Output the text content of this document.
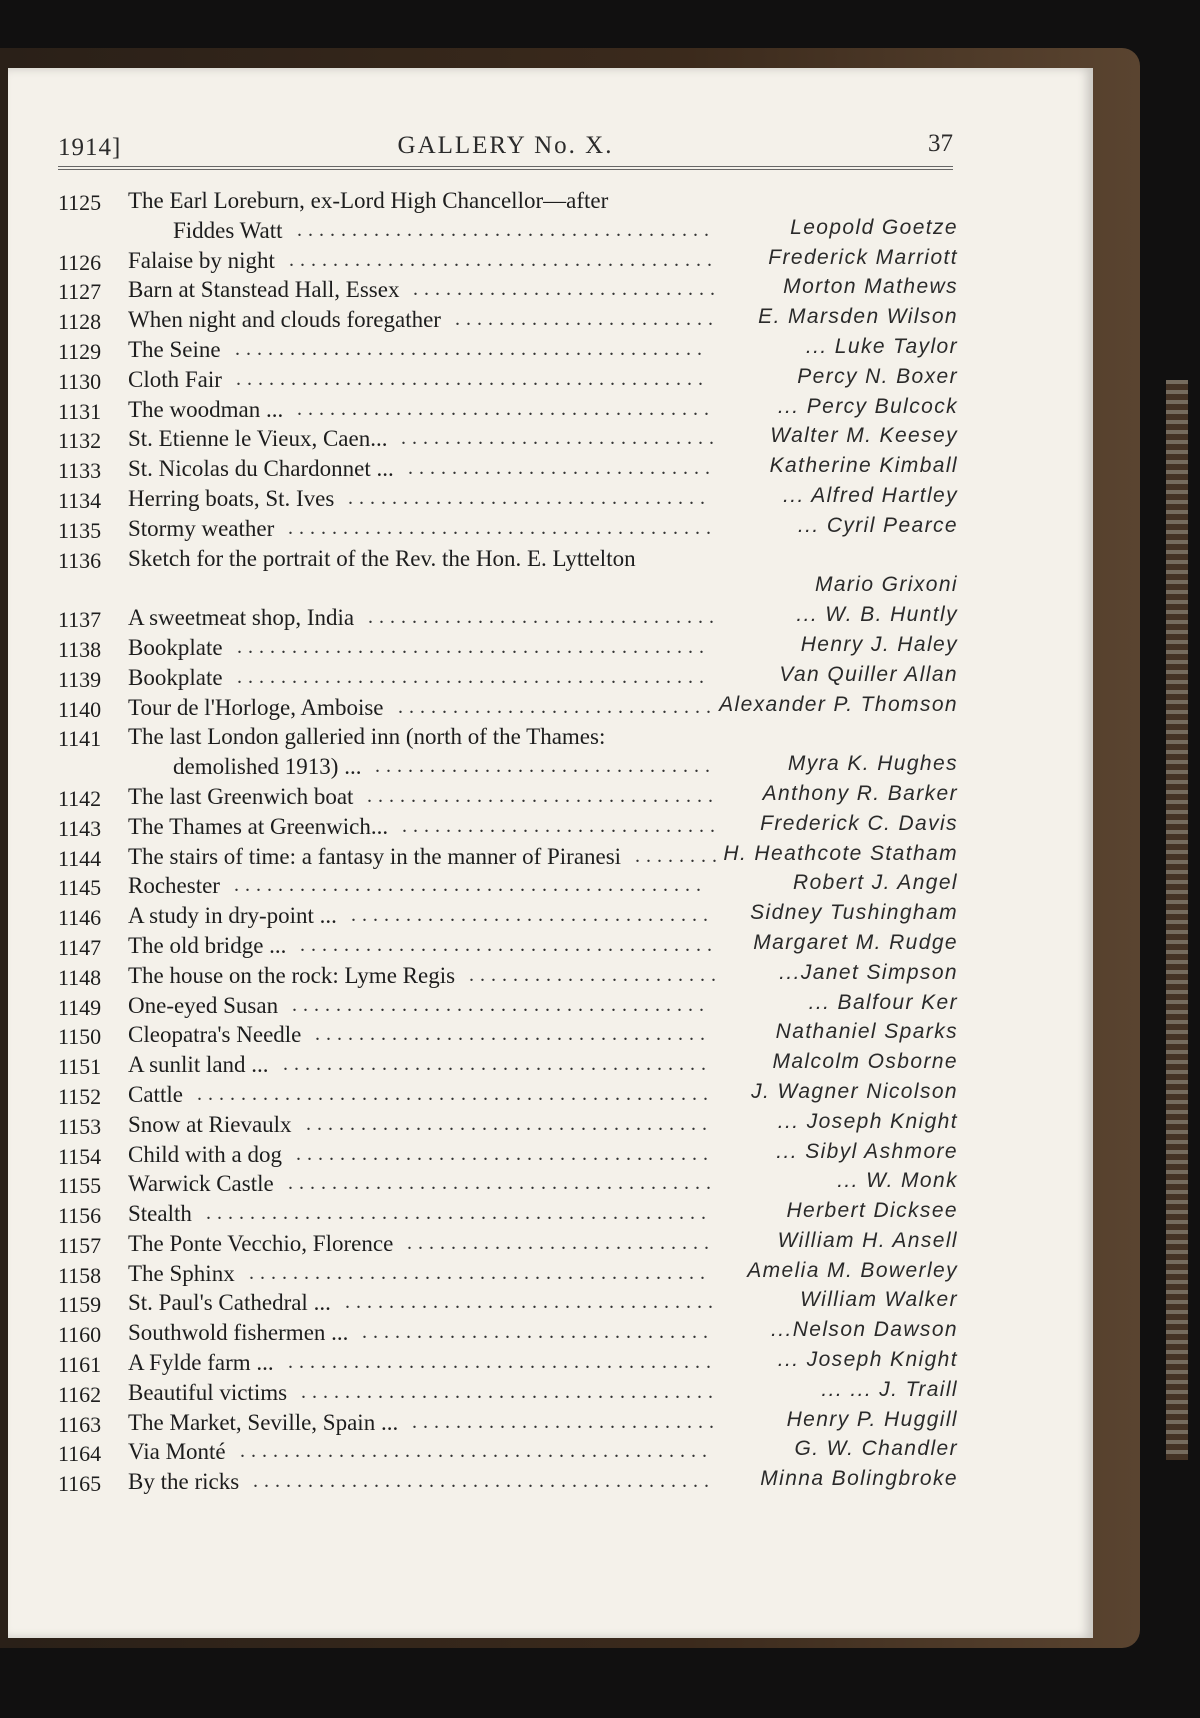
1914]	GALLERY No. X.	37
1125	The Earl Loreburn, ex-Lord High Chancellor—after
Fiddes Watt ......................................	Leopold Goetze
1126	Falaise by night ....................................... Frederick Marriott
1127	Barn at Stanstead Hall, Essex ............................	Morton Mathews
1128	When night and clouds foregather ........................ E. Marsden Wilson
1129	The Seine ...........................................	... Luke Taylor
1130	Cloth Fair ...........................................	Percy N. Boxer
1131	The woodman ... ......................................	... Percy Bulcock
1132	St. Etienne le Vieux, Caen... ............................. Walter M. Keesey
1133	St. Nicolas du Chardonnet ... ............................	Katherine Kimball
1134	Herring boats, St. Ives .................................	... Alfred Hartley
1135	Stormy weather .......................................	... Cyril Pearce
1136	Sketch for the portrait of the Rev. the Hon. E. Lyttelton
Mario Grixoni
1137	A sweetmeat shop, India ................................	... W. B. Huntly
1138	Bookplate ...........................................	Henry J. Haley
1139	Bookplate ...........................................	Van Quiller Allan
1140	Tour de l'Horloge, Amboise ............................. Alexander P. Thomson
1141	The last London galleried inn (north of the Thames:
demolished 1913) ... ...............................	Myra K. Hughes
1142	The last Greenwich boat ................................ Anthony R. Barker
1143	The Thames at Greenwich... ............................. Frederick C. Davis
1144	The stairs of time: a fantasy in the manner of Piranesi ........ H. Heathcote Statham
1145	Rochester ...........................................	Robert J. Angel
1146	A study in dry-point ... ................................. Sidney Tushingham
1147	The old bridge ... ...................................... Margaret M. Rudge
1148	The house on the rock: Lyme Regis .......................	...Janet Simpson
1149	One-eyed Susan ......................................	... Balfour Ker
1150	Cleopatra's Needle ....................................	Nathaniel Sparks
1151	A sunlit land ... .......................................	Malcolm Osborne
1152	Cattle ............................................... J. Wagner Nicolson
1153	Snow at Rievaulx .....................................	... Joseph Knight
1154	Child with a dog ......................................	... Sibyl Ashmore
1155	Warwick Castle .......................................	... W. Monk
1156	Stealth ..............................................	Herbert Dicksee
1157	The Ponte Vecchio, Florence ............................	William H. Ansell
1158	The Sphinx .......................................... Amelia M. Bowerley
1159	St. Paul's Cathedral ... ..................................	William Walker
1160	Southwold fishermen ... ................................	...Nelson Dawson
1161	A Fylde farm ... .......................................	... Joseph Knight
1162	Beautiful victims ......................................	... ... J. Traill
1163	The Market, Seville, Spain ... ............................	Henry P. Huggill
1164	Via Monté ...........................................	G. W. Chandler
1165	By the ricks .......................................... Minna Bolingbroke
